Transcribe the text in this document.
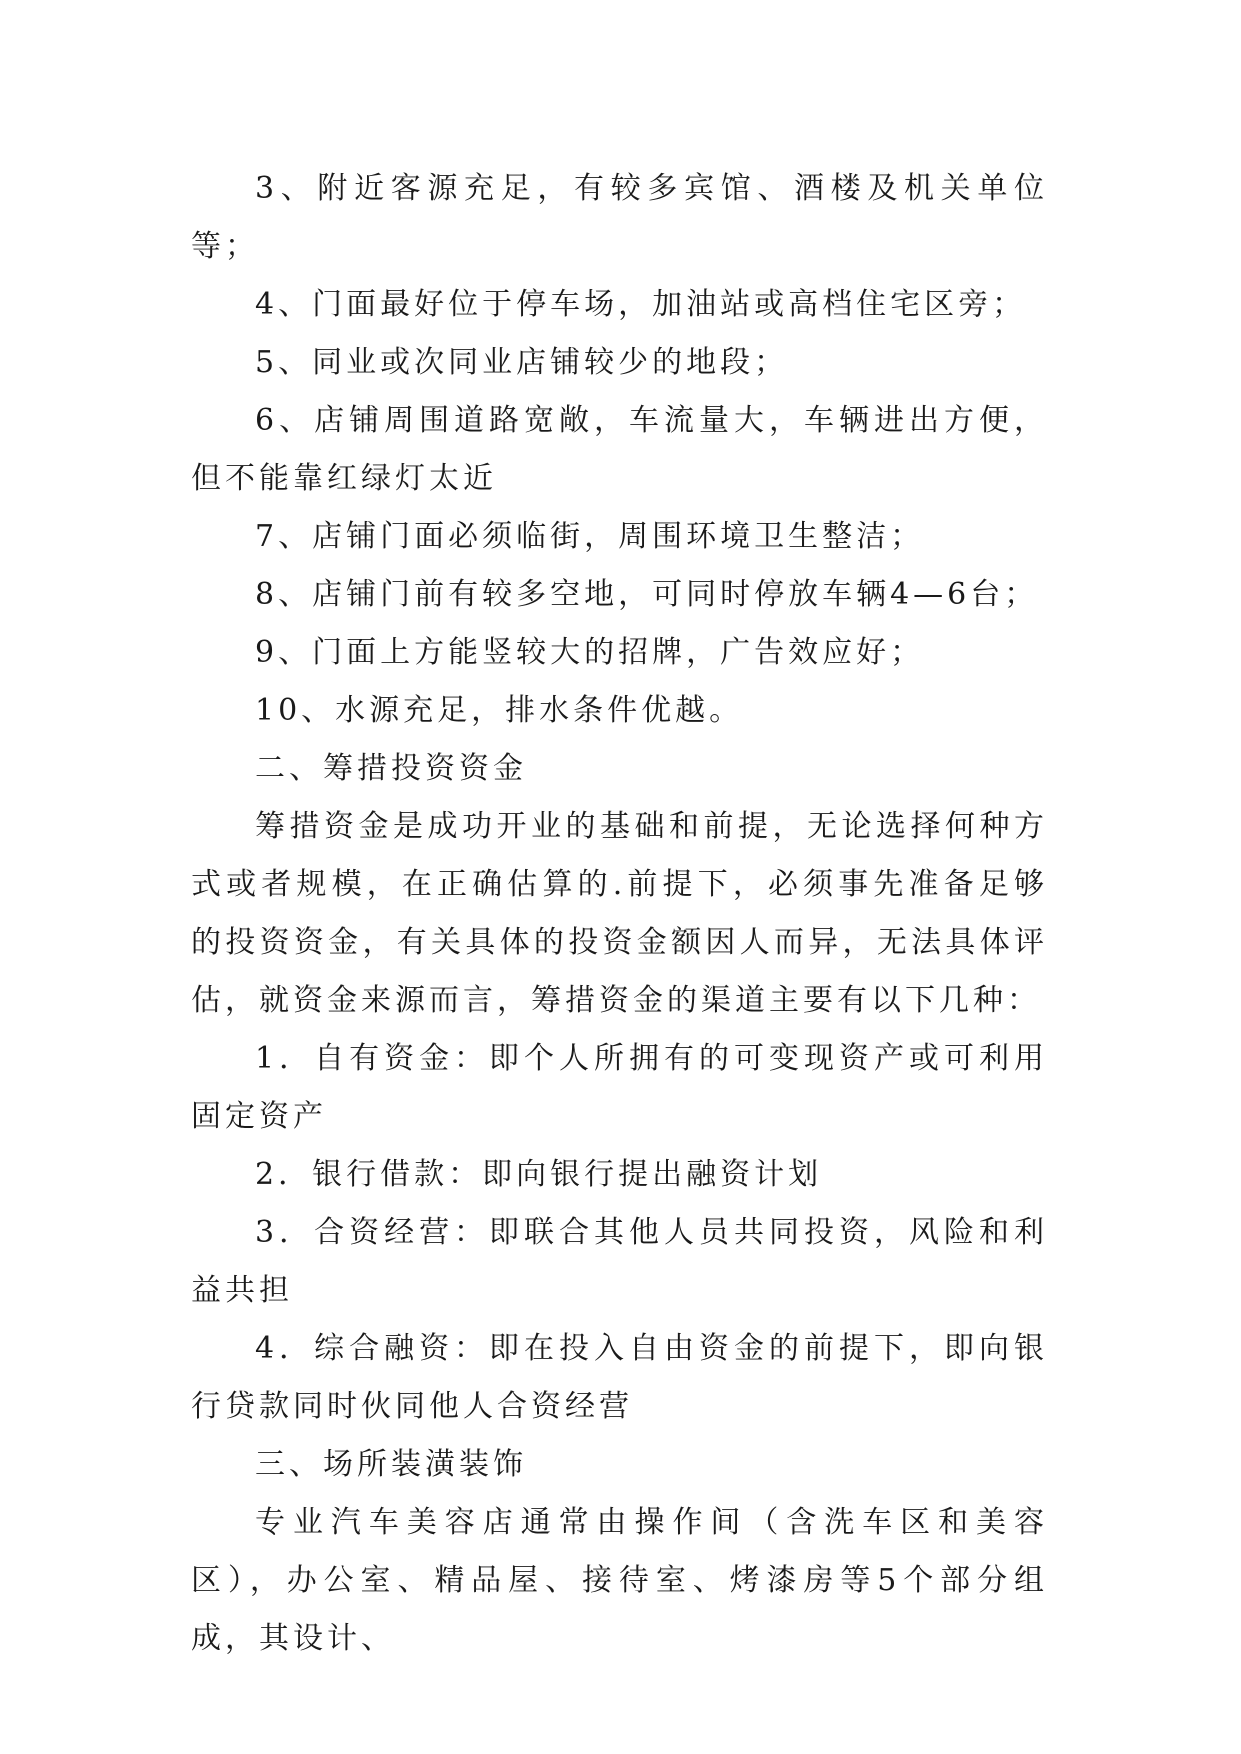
3、附近客源充足，有较多宾馆、酒楼及机关单位等；

4、门面最好位于停车场，加油站或高档住宅区旁；

5、同业或次同业店铺较少的地段；

6、店铺周围道路宽敞，车流量大，车辆进出方便，但不能靠红绿灯太近

7、店铺门面必须临街，周围环境卫生整洁；

8、店铺门前有较多空地，可同时停放车辆4—6台；

9、门面上方能竖较大的招牌，广告效应好；

10、水源充足，排水条件优越。

二、筹措投资资金

筹措资金是成功开业的基础和前提，无论选择何种方式或者规模，在正确估算的.前提下，必须事先准备足够的投资资金，有关具体的投资金额因人而异，无法具体评估，就资金来源而言，筹措资金的渠道主要有以下几种：

1．自有资金：即个人所拥有的可变现资产或可利用固定资产

2．银行借款：即向银行提出融资计划

3．合资经营：即联合其他人员共同投资，风险和利益共担

4．综合融资：即在投入自由资金的前提下，即向银行贷款同时伙同他人合资经营

三、场所装潢装饰

专业汽车美容店通常由操作间（含洗车区和美容区），办公室、精品屋、接待室、烤漆房等5个部分组成，其设计、
